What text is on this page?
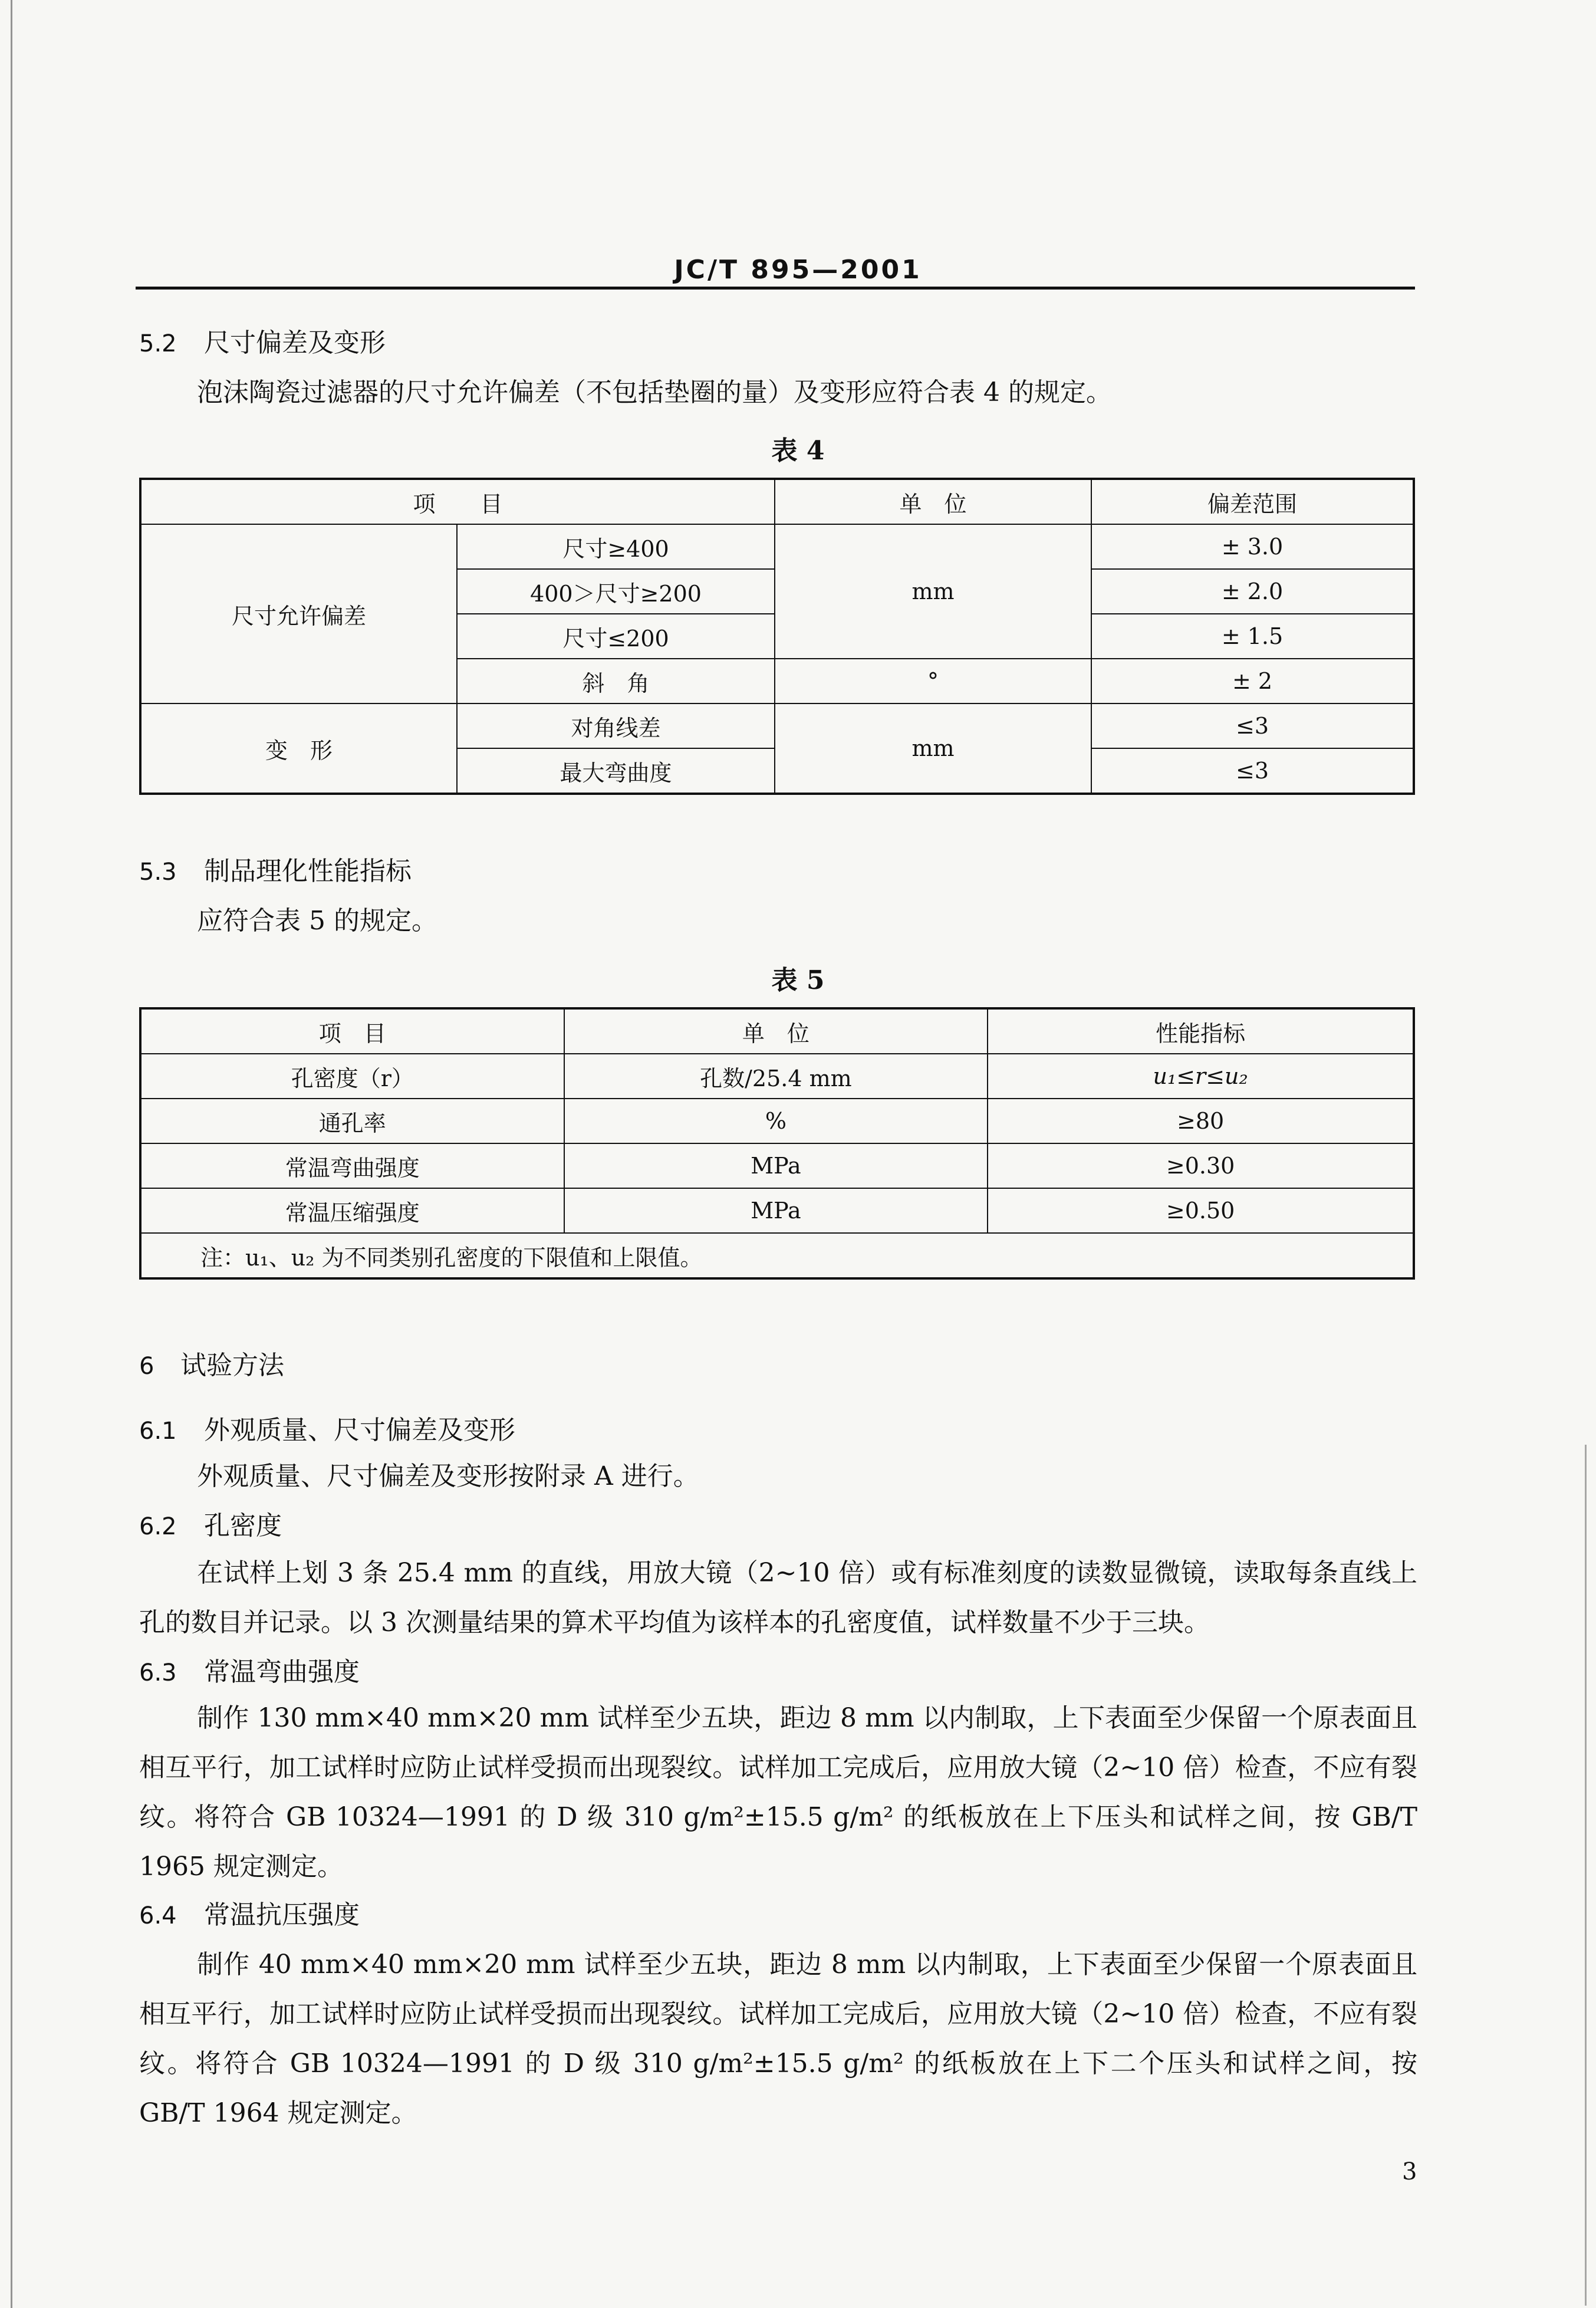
JC/T 895—2001
5.2 尺寸偏差及变形
泡沫陶瓷过滤器的尺寸允许偏差（不包括垫圈的量）及变形应符合表 4 的规定。
表 4
项　　目		单　位	偏差范围
尺寸允许偏差	尺寸≥400	mm	± 3.0
	400＞尺寸≥200		± 2.0
	尺寸≤200		± 1.5
	斜　角	°	± 2
变　形	对角线差	mm	≤3
	最大弯曲度		≤3
5.3 制品理化性能指标
应符合表 5 的规定。
表 5
项　目	单　位	性能指标
孔密度（r）	孔数/25.4 mm	u₁≤r≤u₂
通孔率	%	≥80
常温弯曲强度	MPa	≥0.30
常温压缩强度	MPa	≥0.50
注：u₁、u₂ 为不同类别孔密度的下限值和上限值。		
6 试验方法
6.1 外观质量、尺寸偏差及变形
外观质量、尺寸偏差及变形按附录 A 进行。
6.2 孔密度
在试样上划 3 条 25.4 mm 的直线，用放大镜（2~10 倍）或有标准刻度的读数显微镜，读取每条直线上孔的数目并记录。以 3 次测量结果的算术平均值为该样本的孔密度值，试样数量不少于三块。
6.3 常温弯曲强度
制作 130 mm×40 mm×20 mm 试样至少五块，距边 8 mm 以内制取，上下表面至少保留一个原表面且相互平行，加工试样时应防止试样受损而出现裂纹。试样加工完成后，应用放大镜（2~10 倍）检查，不应有裂纹。将符合 GB 10324—1991 的 D 级 310 g/m²±15.5 g/m² 的纸板放在上下压头和试样之间，按 GB/T 1965 规定测定。
6.4 常温抗压强度
制作 40 mm×40 mm×20 mm 试样至少五块，距边 8 mm 以内制取，上下表面至少保留一个原表面且相互平行，加工试样时应防止试样受损而出现裂纹。试样加工完成后，应用放大镜（2~10 倍）检查，不应有裂纹。将符合 GB 10324—1991 的 D 级 310 g/m²±15.5 g/m² 的纸板放在上下二个压头和试样之间，按 GB/T 1964 规定测定。
3
